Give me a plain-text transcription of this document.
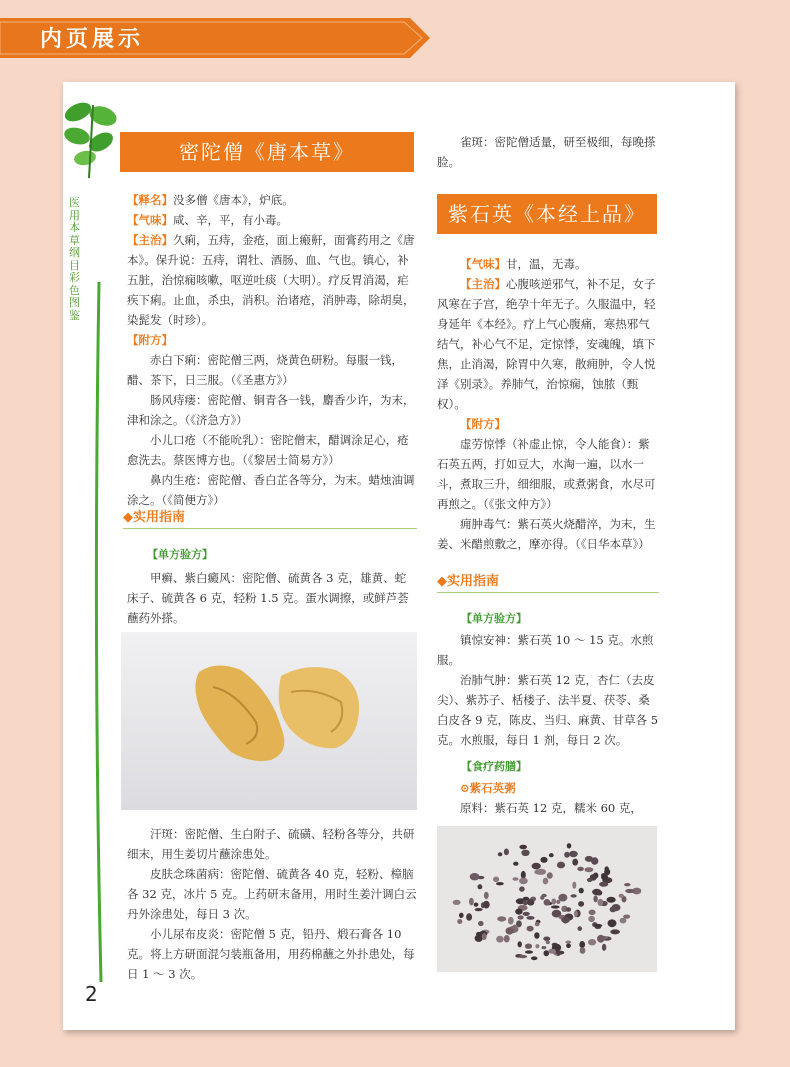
内页展示
医用本草纲目彩色图鉴
密陀僧《唐本草》
【释名】没多僧《唐本》，炉底。
【气味】咸、辛，平，有小毒。
【主治】久痢，五痔，金疮，面上瘢鼾，面膏药用之《唐本》。保升说：五痔，谓牡、酒肠、血、气也。镇心，补五脏，治惊痫咳嗽，呕逆吐痰（大明）。疗反胃消渴，疟疾下痢。止血，杀虫，消积。治诸疮，消肿毒，除胡臭，染髭发（时珍）。
【附方】
赤白下痢：密陀僧三两，烧黄色研粉。每服一钱，醋、茶下，日三服。（《圣惠方》）
肠风痔瘘：密陀僧、铜青各一钱，麝香少许，为末，津和涂之。（《济急方》）
小儿口疮（不能吮乳）：密陀僧末，醋调涂足心，疮愈洗去。蔡医博方也。（《黎居士简易方》）
鼻内生疮：密陀僧、香白芷各等分，为末。蜡烛油调涂之。（《简便方》）
◆实用指南
【单方验方】
甲癣、紫白癜风：密陀僧、硫黄各 3 克，雄黄、蛇床子、硫黄各 6 克，轻粉 1.5 克。蛋水调擦，或鲜芦荟蘸药外搽。
汗斑：密陀僧、生白附子、硫磺、轻粉各等分，共研细末，用生姜切片蘸涂患处。
皮肤念珠菌病：密陀僧、硫黄各 40 克，轻粉、樟脑各 32 克，冰片 5 克。上药研末备用，用时生姜汁调白云丹外涂患处，每日 3 次。
小儿尿布皮炎：密陀僧 5 克，铅丹、煅石膏各 10 克。将上方研面混匀装瓶备用，用药棉蘸之外扑患处，每日 1 ～ 3 次。
2
雀斑：密陀僧适量，研至极细，每晚搽脸。
紫石英《本经上品》
【气味】甘，温，无毒。
【主治】心腹咳逆邪气，补不足，女子风寒在子宫，绝孕十年无子。久服温中，轻身延年《本经》。疗上气心腹痛，寒热邪气结气，补心气不足，定惊悸，安魂魄，填下焦，止消渴，除胃中久寒，散痈肿，令人悦泽《别录》。养肺气，治惊痫，蚀脓（甄权）。
【附方】
虚劳惊悸（补虚止惊，令人能食）：紫石英五两，打如豆大，水淘一遍，以水一斗，煮取三升，细细服，或煮粥食，水尽可再煎之。（《张文仲方》）
痈肿毒气：紫石英火烧醋淬，为末，生姜、米醋煎敷之，摩亦得。（《日华本草》）
◆实用指南
【单方验方】
镇惊安神：紫石英 10 ～ 15 克。水煎服。
治肺气肿：紫石英 12 克，杏仁（去皮尖）、紫苏子、栝楼子、法半夏、茯苓、桑白皮各 9 克，陈皮、当归、麻黄、甘草各 5 克。水煎服，每日 1 剂，每日 2 次。
【食疗药膳】
⊙紫石英粥
原料：紫石英 12 克，糯米 60 克，
